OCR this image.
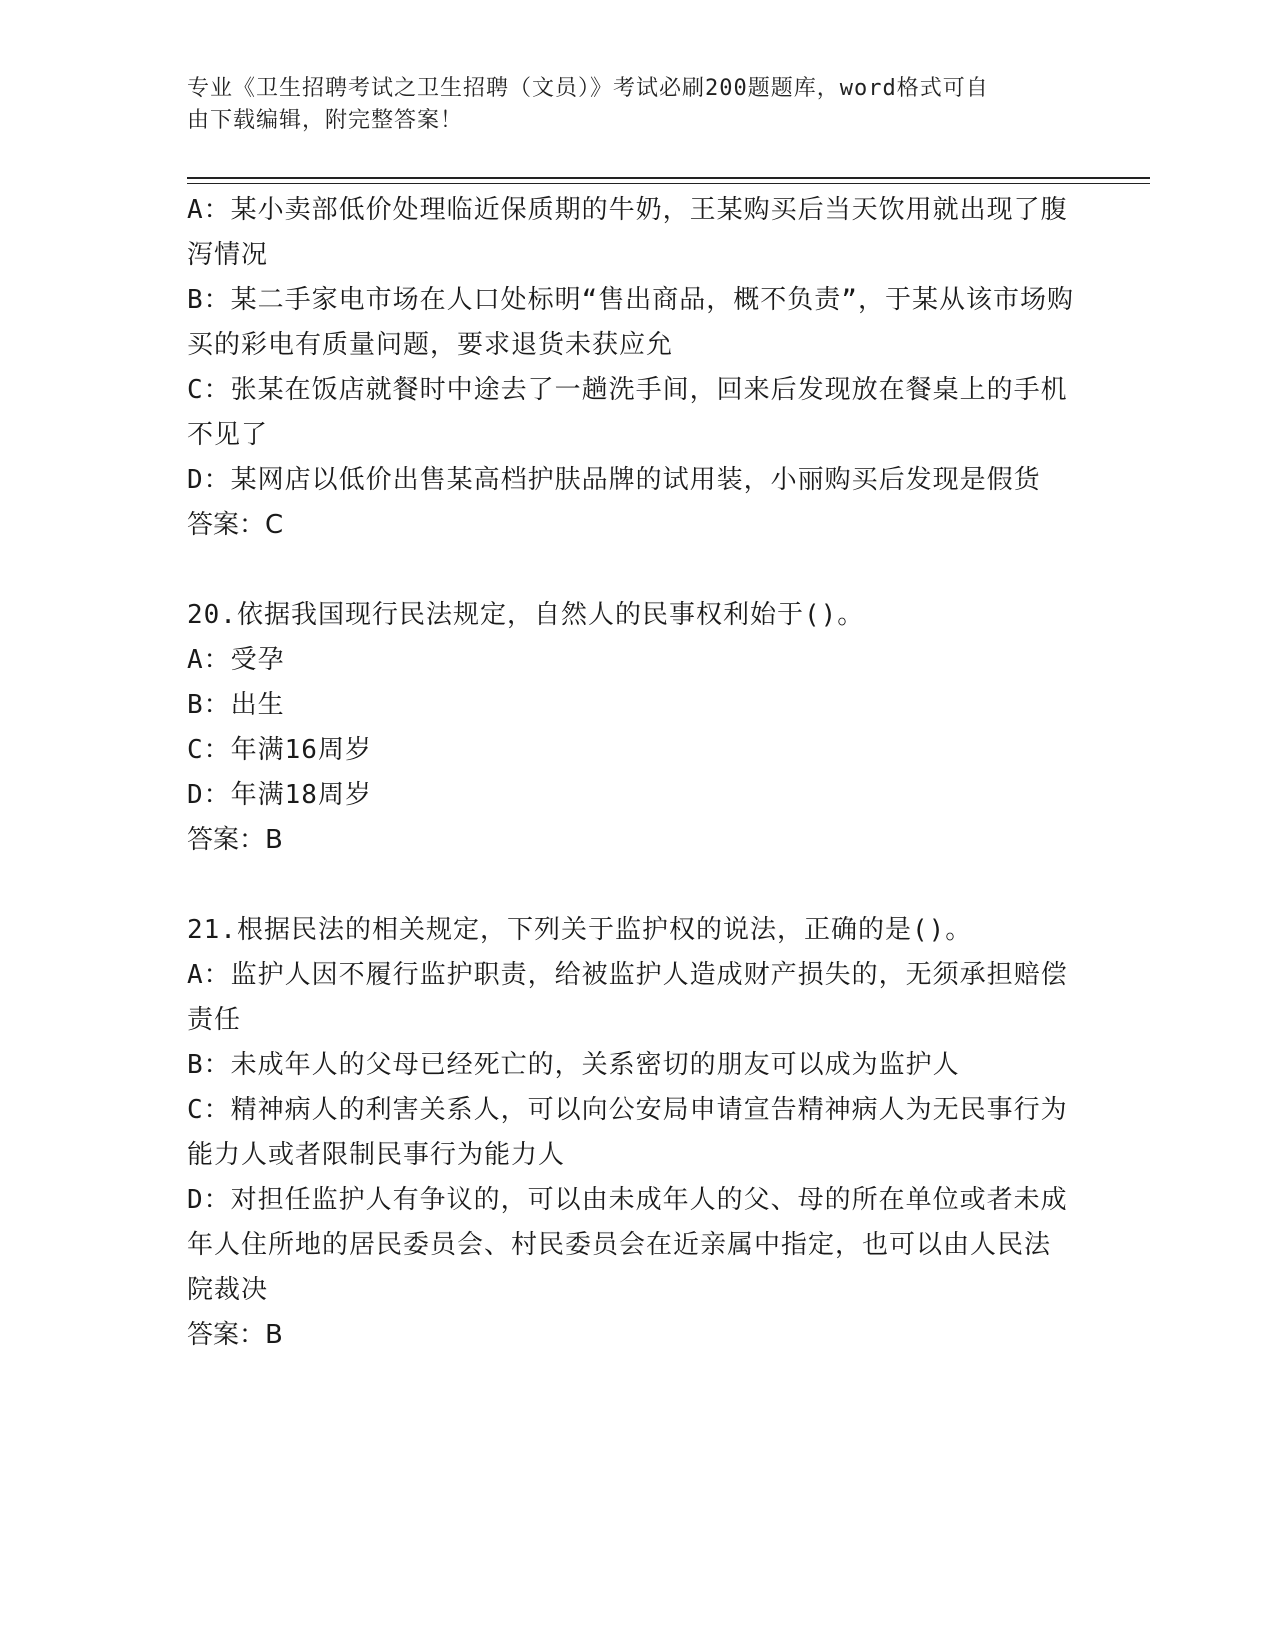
专业《卫生招聘考试之卫生招聘（文员）》考试必刷200题题库，word格式可自
由下载编辑，附完整答案！

A：某小卖部低价处理临近保质期的牛奶，王某购买后当天饮用就出现了腹泻情况

B：某二手家电市场在人口处标明“售出商品，概不负责”，于某从该市场购买的彩电有质量问题，要求退货未获应允

C：张某在饭店就餐时中途去了一趟洗手间，回来后发现放在餐桌上的手机不见了

D：某网店以低价出售某高档护肤品牌的试用装，小丽购买后发现是假货

答案：C

20.依据我国现行民法规定，自然人的民事权利始于()。

A：受孕

B：出生

C：年满16周岁

D：年满18周岁

答案：B

21.根据民法的相关规定，下列关于监护权的说法，正确的是()。

A：监护人因不履行监护职责，给被监护人造成财产损失的，无须承担赔偿责任

B：未成年人的父母已经死亡的，关系密切的朋友可以成为监护人

C：精神病人的利害关系人，可以向公安局申请宣告精神病人为无民事行为能力人或者限制民事行为能力人

D：对担任监护人有争议的，可以由未成年人的父、母的所在单位或者未成年人住所地的居民委员会、村民委员会在近亲属中指定，也可以由人民法院裁决

答案：B
